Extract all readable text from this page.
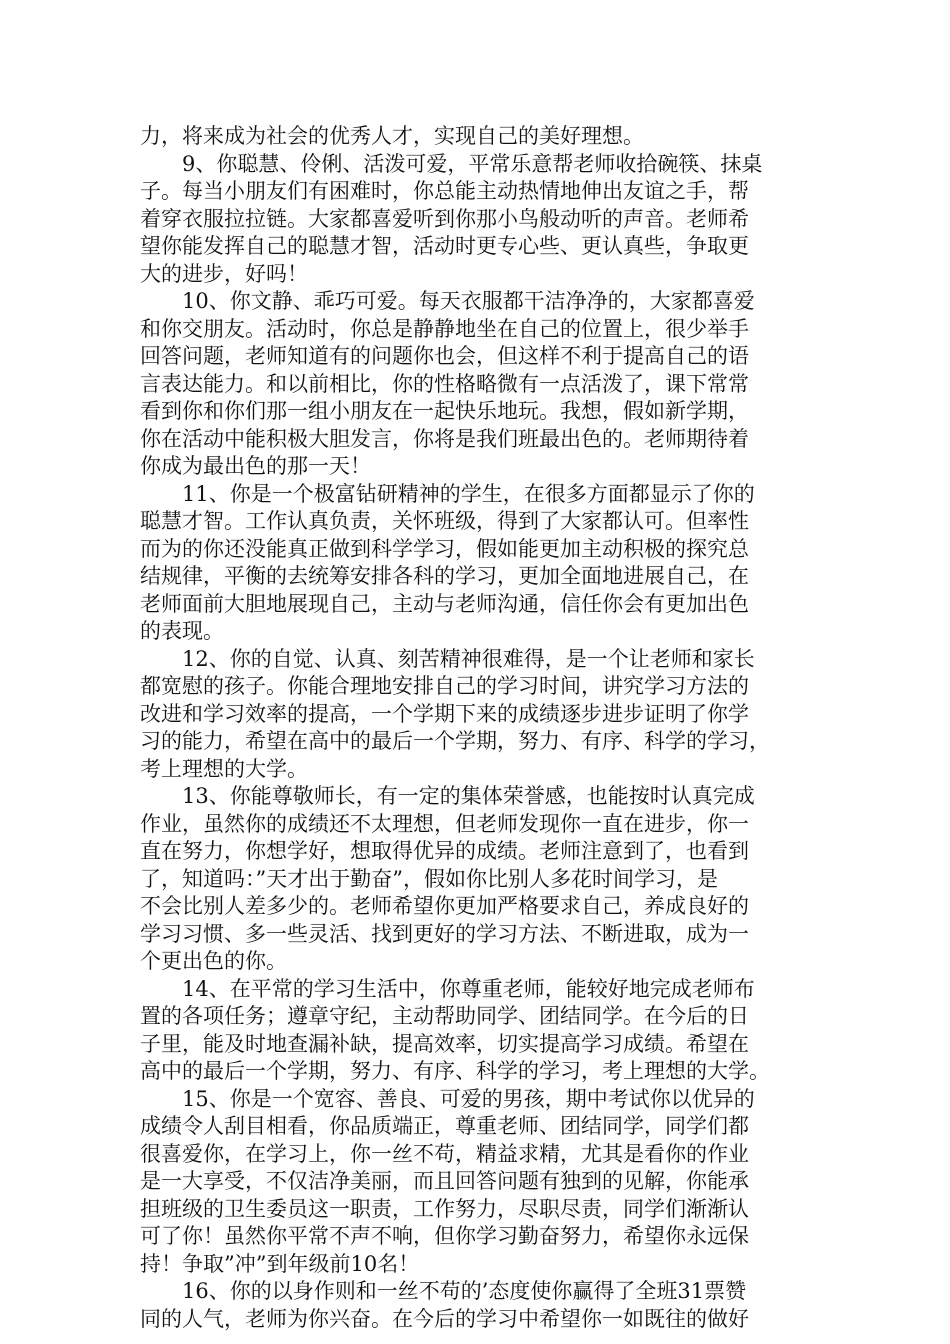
力，将来成为社会的优秀人才，实现自己的美好理想。
9、你聪慧、伶俐、活泼可爱，平常乐意帮老师收拾碗筷、抹桌
子。每当小朋友们有困难时，你总能主动热情地伸出友谊之手，帮
着穿衣服拉拉链。大家都喜爱听到你那小鸟般动听的声音。老师希
望你能发挥自己的聪慧才智，活动时更专心些、更认真些，争取更
大的进步，好吗！
10、你文静、乖巧可爱。每天衣服都干洁净净的，大家都喜爱
和你交朋友。活动时，你总是静静地坐在自己的位置上，很少举手
回答问题，老师知道有的问题你也会，但这样不利于提高自己的语
言表达能力。和以前相比，你的性格略微有一点活泼了，课下常常
看到你和你们那一组小朋友在一起快乐地玩。我想，假如新学期，
你在活动中能积极大胆发言，你将是我们班最出色的。老师期待着
你成为最出色的那一天！
11、你是一个极富钻研精神的学生，在很多方面都显示了你的
聪慧才智。工作认真负责，关怀班级，得到了大家都认可。但率性
而为的你还没能真正做到科学学习，假如能更加主动积极的探究总
结规律，平衡的去统筹安排各科的学习，更加全面地进展自己，在
老师面前大胆地展现自己，主动与老师沟通，信任你会有更加出色
的表现。
12、你的自觉、认真、刻苦精神很难得，是一个让老师和家长
都宽慰的孩子。你能合理地安排自己的学习时间，讲究学习方法的
改进和学习效率的提高，一个学期下来的成绩逐步进步证明了你学
习的能力，希望在高中的最后一个学期，努力、有序、科学的学习，
考上理想的大学。
13、你能尊敬师长，有一定的集体荣誉感，也能按时认真完成
作业，虽然你的成绩还不太理想，但老师发现你一直在进步，你一
直在努力，你想学好，想取得优异的成绩。老师注意到了，也看到
了，知道吗：”天才出于勤奋”，假如你比别人多花时间学习，是
不会比别人差多少的。老师希望你更加严格要求自己，养成良好的
学习习惯、多一些灵活、找到更好的学习方法、不断进取，成为一
个更出色的你。
14、在平常的学习生活中，你尊重老师，能较好地完成老师布
置的各项任务；遵章守纪，主动帮助同学、团结同学。在今后的日
子里，能及时地查漏补缺，提高效率，切实提高学习成绩。希望在
高中的最后一个学期，努力、有序、科学的学习，考上理想的大学。
15、你是一个宽容、善良、可爱的男孩，期中考试你以优异的
成绩令人刮目相看，你品质端正，尊重老师、团结同学，同学们都
很喜爱你，在学习上，你一丝不苟，精益求精，尤其是看你的作业
是一大享受，不仅洁净美丽，而且回答问题有独到的见解，你能承
担班级的卫生委员这一职责，工作努力，尽职尽责，同学们渐渐认
可了你！虽然你平常不声不响，但你学习勤奋努力，希望你永远保
持！争取”冲”到年级前10名！
16、你的以身作则和一丝不苟的’态度使你赢得了全班31票赞
同的人气，老师为你兴奋。在今后的学习中希望你一如既往的做好
